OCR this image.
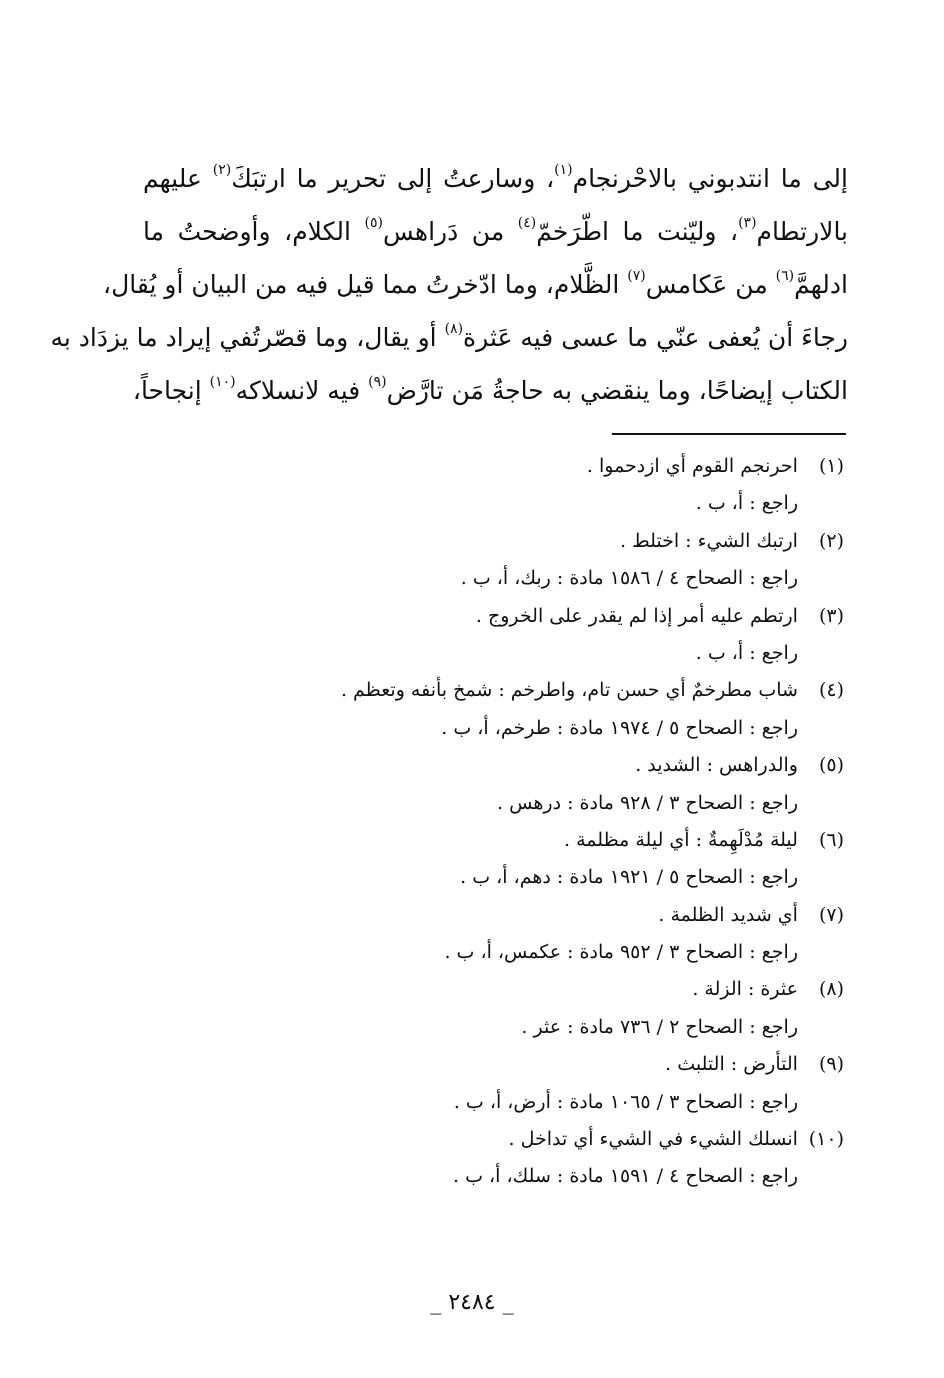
إلى ما انتدبوني بالاحْرنجام$^{(١)}$، وسارعتُ إلى تحرير ما ارتبَكَ$^{(٢)}$ عليهم
بالارتطام$^{(٣)}$، وليّنت ما اطّرَخمّ$^{(٤)}$ من دَراهس$^{(٥)}$ الكلام، وأوضحتُ ما
ادلهمَّ$^{(٦)}$ من عَكامس$^{(٧)}$ الظَّلام، وما ادّخرتُ مما قيل فيه من البيان أو يُقال،
رجاءَ أن يُعفى عنّي ما عسى فيه عَثرة$^{(٨)}$ أو يقال، وما قصّرتُفي إيراد ما يزدَاد به
الكتاب إيضاحًا، وما ينقضي به حاجةُ مَن تارَّض$^{(٩)}$ فيه لانسلاكه$^{(١٠)}$ إنجاحاً،
(١) احرنجم القوم أي ازدحموا .
راجع : أ، ب .
(٢) ارتبك الشيء : اختلط .
راجع : الصحاح ٤ / ١٥٨٦ مادة : ربك، أ، ب .
(٣) ارتطم عليه أمر إذا لم يقدر على الخروج .
راجع : أ، ب .
(٤) شاب مطرخمٌ أي حسن تام، واطرخم : شمخ بأنفه وتعظم .
راجع : الصحاح ٥ / ١٩٧٤ مادة : طرخم، أ، ب .
(٥) والدراهس : الشديد .
راجع : الصحاح ٣ / ٩٢٨ مادة : درهس .
(٦) ليلة مُدْلَهِمةٌ : أي ليلة مظلمة .
راجع : الصحاح ٥ / ١٩٢١ مادة : دهم، أ، ب .
(٧) أي شديد الظلمة .
راجع : الصحاح ٣ / ٩٥٢ مادة : عكمس، أ، ب .
(٨) عثرة : الزلة .
راجع : الصحاح ٢ / ٧٣٦ مادة : عثر .
(٩) التأرض : التلبث .
راجع : الصحاح ٣ / ١٠٦٥ مادة : أرض، أ، ب .
(١٠) انسلك الشيء في الشيء أي تداخل .
راجع : الصحاح ٤ / ١٥٩١ مادة : سلك، أ، ب .
_ ٢٤٨٤ _
